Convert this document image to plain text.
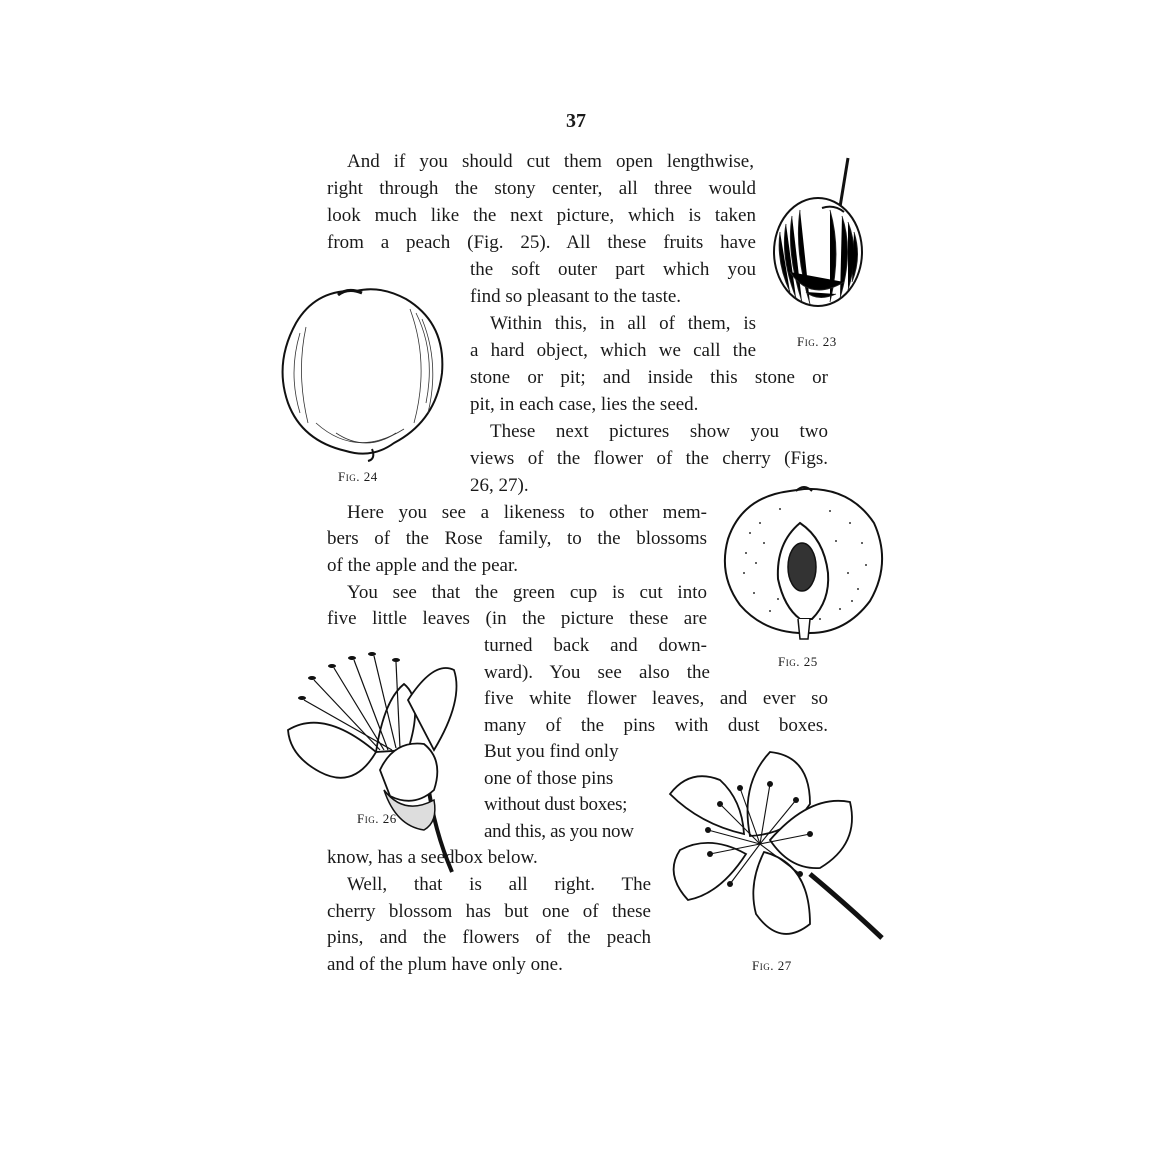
37
And if you should cut them open lengthwise,
right through the stony center, all three would
look much like the next picture, which is taken
from a peach (Fig. 25). All these fruits have
the soft outer part which you
find so pleasant to the taste.
Within this, in all of them, is
a hard object, which we call the
stone or pit; and inside this stone or
pit, in each case, lies the seed.
These next pictures show you two
views of the flower of the cherry (Figs.
26, 27).
Here you see a likeness to other mem-
bers of the Rose family, to the blossoms
of the apple and the pear.
You see that the green cup is cut into
five little leaves (in the picture these are
turned back and down-
ward). You see also the
five white flower leaves, and ever so
many of the pins with dust boxes.
But you find only
one of those pins
without dust boxes;
and this, as you now
know, has a seedbox below.
Well, that is all right. The
cherry blossom has but one of these
pins, and the flowers of the peach
and of the plum have only one.
Fig. 23
Fig. 24
Fig. 25
Fig. 26
Fig. 27
